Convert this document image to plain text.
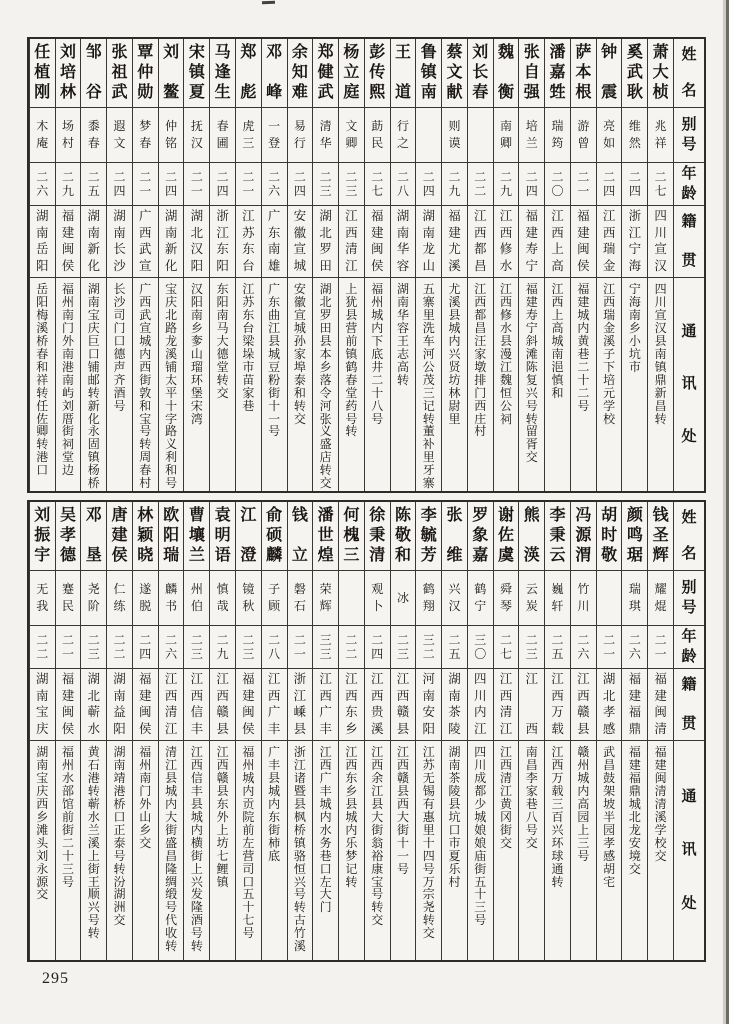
姓
名
别
号
年
龄
籍
贯
通
讯
处
萧
大
桢
兆
祥
二
七
四
川
宣
汉
四
川
宣
汉
县
南
镇
鼎
新
昌
转
奚
武
耿
维
然
二
四
浙
江
宁
海
宁
海
南
乡
小
坑
市
钟
震
亮
如
二
四
江
西
瑞
金
江
西
瑞
金
溪
子
下
培
元
学
校
萨
本
根
游
曾
二
一
福
建
闽
侯
福
建
城
内
黄
巷
二
十
二
号
潘
嘉
甡
瑞
筠
二
〇
江
西
上
高
江
西
上
高
城
南
浥
慎
和
张
自
强
培
兰
二
四
福
建
寿
宁
福
建
寿
宁
斜
滩
陈
复
兴
号
转
留
胥
交
魏
衡
南
卿
二
九
江
西
修
水
江
西
修
水
县
漫
江
魏
恒
公
祠
刘
长
春
二
二
江
西
都
昌
江
西
都
昌
汪
家
墩
排
门
西
庄
村
蔡
文
献
则
谟
二
九
福
建
尤
溪
尤
溪
县
城
内
兴
贤
坊
林
尉
里
鲁
镇
南
二
四
湖
南
龙
山
五
寨
里
洗
车
河
公
茂
三
记
转
董
补
里
牙
寨
王
道
行
之
二
八
湖
南
华
容
湖
南
华
容
王
志
高
转
彭
传
熙
莇
民
二
七
福
建
闽
侯
福
州
城
内
下
底
井
二
十
八
号
杨
立
庭
文
卿
二
三
江
西
清
江
上
犹
县
营
前
镇
鹤
春
堂
药
号
转
郑
健
武
清
华
二
三
湖
北
罗
田
湖
北
罗
田
县
本
乡
落
令
河
张
义
盛
店
转
交
余
知
难
易
行
二
四
安
徽
宣
城
安
徽
宣
城
孙
家
埠
泰
和
转
交
邓
峰
一
登
二
六
广
东
南
雄
广
东
曲
江
县
城
豆
粉
街
十
一
号
郑
彪
虎
三
二
一
江
苏
东
台
江
苏
东
台
梁
垛
市
苗
家
巷
马
逢
生
春
圃
二
四
浙
江
东
阳
东
阳
南
马
大
德
堂
转
交
宋
镇
夏
抚
汉
二
一
湖
北
汉
阳
汉
阳
南
乡
奓
山
瑠
环
堡
宋
湾
刘
鳌
仲
铭
二
四
湖
南
新
化
宝
庆
北
路
龙
溪
铺
太
平
十
字
路
义
利
和
号
覃
仲
勋
梦
春
二
一
广
西
武
宣
广
西
武
宣
城
内
西
街
敦
和
宝
号
转
周
春
村
张
祖
武
遐
文
二
四
湖
南
长
沙
长
沙
司
门
口
德
声
齐
酒
号
邹
谷
黍
春
二
五
湖
南
新
化
湖
南
宝
庆
巨
口
铺
邮
转
新
化
永
固
镇
杨
桥
刘
培
林
场
村
二
九
福
建
闽
侯
福
州
南
门
外
南
港
南
屿
刘
厝
街
祠
堂
边
任
植
刚
木
庵
二
六
湖
南
岳
阳
岳
阳
梅
溪
桥
春
和
祥
转
任
佐
卿
转
港
口
姓
名
别
号
年
龄
籍
贯
通
讯
处
钱
圣
辉
耀
焜
二
一
福
建
闽
清
福
建
闽
清
清
溪
学
校
交
颜
鸣
琚
瑞
琪
二
六
福
建
福
鼎
福
建
福
鼎
城
北
龙
安
境
交
胡
时
敬
二
一
湖
北
孝
感
武
昌
鼓
架
坡
半
园
孝
感
胡
宅
冯
源
渭
竹
川
二
六
江
西
赣
县
赣
州
城
内
高
园
上
三
号
李
秉
云
巍
轩
二
五
江
西
万
载
江
西
万
载
三
百
兴
环
球
通
转
熊
渶
云
炭
二
三
江
西
南
昌
李
家
巷
八
号
交
谢
佐
虞
舜
琴
二
七
江
西
清
江
江
西
清
江
黄
冈
街
交
罗
象
嘉
鹤
宁
三
〇
四
川
内
江
四
川
成
都
少
城
娘
娘
庙
街
五
十
三
号
张
维
兴
汉
二
五
湖
南
茶
陵
湖
南
茶
陵
县
坑
口
市
夏
乐
村
李
毓
芳
鹤
翔
三
二
河
南
安
阳
江
苏
无
锡
有
惠
里
十
四
号
万
宗
尧
转
交
陈
敬
和
冰
二
三
江
西
赣
县
江
西
赣
县
西
大
街
十
一
号
徐
秉
清
观
卜
二
四
江
西
贵
溪
江
西
余
江
县
大
街
翁
裕
康
宝
号
转
交
何
槐
三
二
二
江
西
东
乡
江
西
东
乡
县
城
内
乐
梦
记
转
潘
世
煌
荣
辉
三
三
江
西
广
丰
江
西
广
丰
城
内
水
务
巷
口
左
大
门
钱
立
磐
石
二
一
浙
江
嵊
县
浙
江
诸
暨
县
枫
桥
镇
骆
恒
兴
号
转
古
竹
溪
俞
硕
麟
子
顾
二
八
江
西
广
丰
广
丰
县
城
内
东
街
柿
底
江
澄
镜
秋
二
三
福
建
闽
侯
福
州
城
内
贡
院
前
左
营
司
口
五
十
七
号
袁
明
语
慎
哉
二
九
江
西
赣
县
江
西
赣
县
东
外
上
坊
七
鲤
镇
曹
壤
兰
州
伯
二
三
江
西
信
丰
江
西
信
丰
县
城
内
横
街
上
兴
发
隆
酒
号
转
欧
阳
瑞
麟
书
二
六
江
西
清
江
清
江
县
城
内
大
街
盛
昌
隆
绸
缎
号
代
收
转
林
颖
晓
遂
脱
二
四
福
建
闽
侯
福
州
南
门
外
山
乡
交
唐
建
侯
仁
练
二
二
湖
南
益
阳
湖
南
靖
港
桥
口
正
泰
号
转
汾
湖
洲
交
邓
垦
尧
阶
二
三
湖
北
蕲
水
黄
石
港
转
蕲
水
兰
溪
上
街
王
顺
兴
号
转
吴
孝
德
蹇
民
二
一
福
建
闽
侯
福
州
水
部
馆
前
街
二
十
三
号
刘
振
宇
无
我
二
二
湖
南
宝
庆
湖
南
宝
庆
西
乡
滩
头
刘
永
源
交
295
